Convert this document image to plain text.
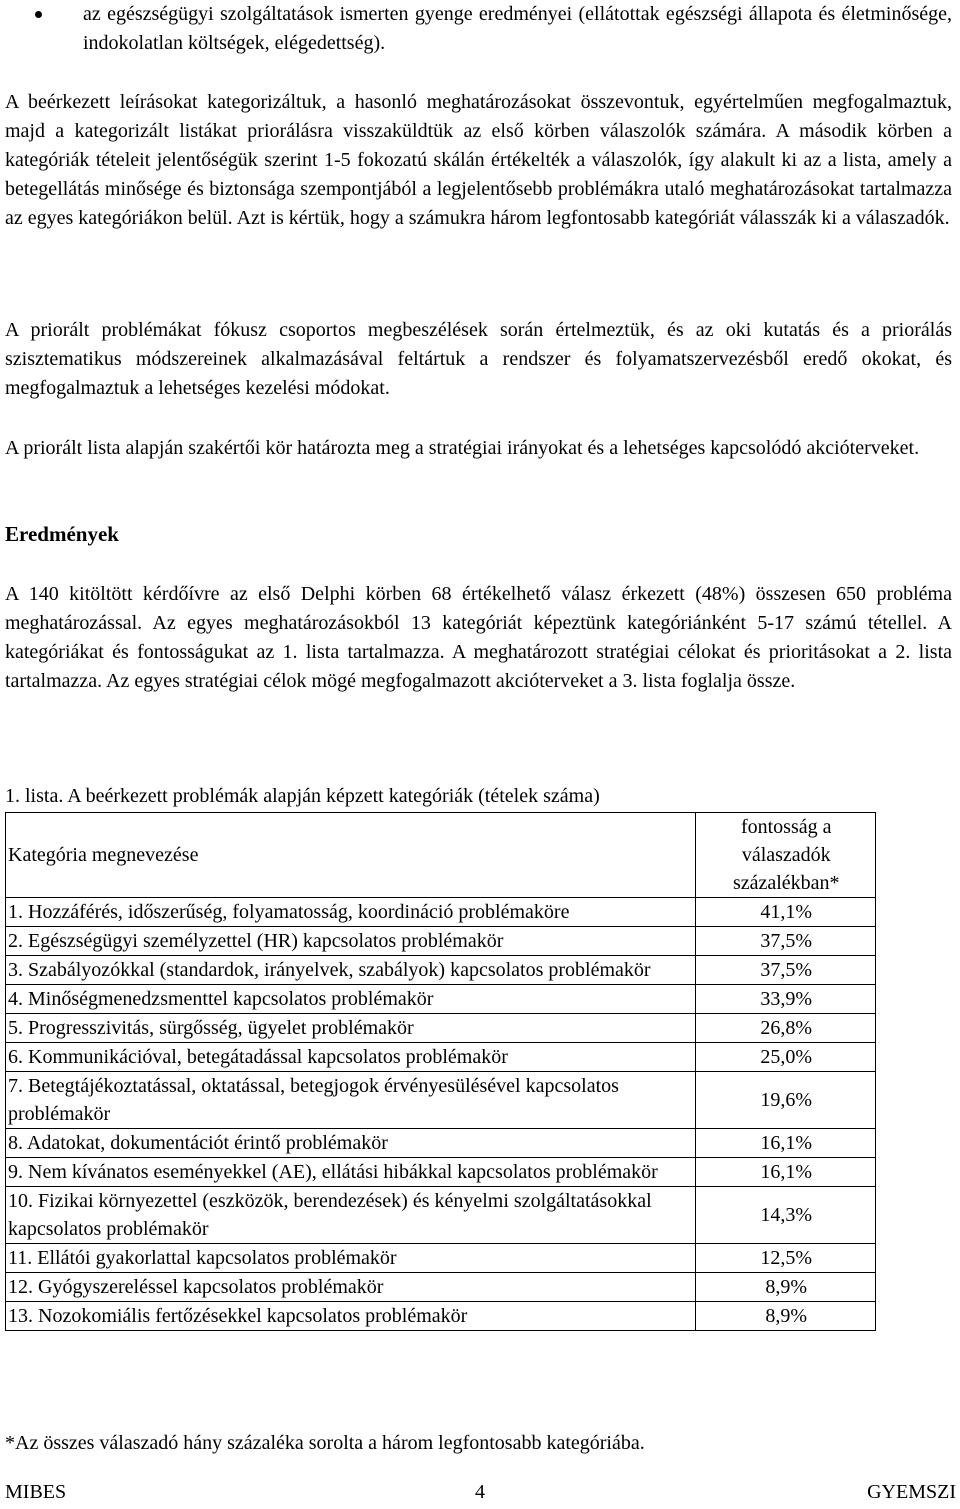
az egészségügyi szolgáltatások ismerten gyenge eredményei (ellátottak egészségi állapota és életminősége, indokolatlan költségek, elégedettség).

A beérkezett leírásokat kategorizáltuk, a hasonló meghatározásokat összevontuk, egyértelműen megfogalmaztuk, majd a kategorizált listákat priorálásra visszaküldtük az első körben válaszolók számára. A második körben a kategóriák tételeit jelentőségük szerint 1-5 fokozatú skálán értékelték a válaszolók, így alakult ki az a lista, amely a betegellátás minősége és biztonsága szempontjából a legjelentősebb problémákra utaló meghatározásokat tartalmazza az egyes kategóriákon belül. Azt is kértük, hogy a számukra három legfontosabb kategóriát válasszák ki a válaszadók.

A priorált problémákat fókusz csoportos megbeszélések során értelmeztük, és az oki kutatás és a priorálás szisztematikus módszereinek alkalmazásával feltártuk a rendszer és folyamatszervezésből eredő okokat, és megfogalmaztuk a lehetséges kezelési módokat.

A priorált lista alapján szakértői kör határozta meg a stratégiai irányokat és a lehetséges kapcsolódó akcióterveket.

Eredmények

A 140 kitöltött kérdőívre az első Delphi körben 68 értékelhető válasz érkezett (48%) összesen 650 probléma meghatározással. Az egyes meghatározásokból 13 kategóriát képeztünk kategóriánként 5-17 számú tétellel. A kategóriákat és fontosságukat az 1. lista tartalmazza. A meghatározott stratégiai célokat és prioritásokat a 2. lista tartalmazza. Az egyes stratégiai célok mögé megfogalmazott akcióterveket a 3. lista foglalja össze.

1. lista. A beérkezett problémák alapján képzett kategóriák (tételek száma)
Kategória megnevezése	fontosság a válaszadók
százalékban*

1. Hozzáférés, időszerűség, folyamatosság, koordináció problémaköre	41,1%
2. Egészségügyi személyzettel (HR) kapcsolatos problémakör	37,5%
3. Szabályozókkal (standardok, irányelvek, szabályok) kapcsolatos problémakör	37,5%
4. Minőségmenedzsmenttel kapcsolatos problémakör	33,9%
5. Progresszivitás, sürgősség, ügyelet problémakör	26,8%
6. Kommunikációval, betegátadással kapcsolatos problémakör	25,0%
7. Betegtájékoztatással, oktatással, betegjogok érvényesülésével kapcsolatos problémakör	19,6%
8. Adatokat, dokumentációt érintő problémakör	16,1%
9. Nem kívánatos eseményekkel (AE), ellátási hibákkal kapcsolatos problémakör	16,1%
10. Fizikai környezettel (eszközök, berendezések) és kényelmi szolgáltatásokkal kapcsolatos problémakör	14,3%
11. Ellátói gyakorlattal kapcsolatos problémakör	12,5%
12. Gyógyszereléssel kapcsolatos problémakör	8,9%
13. Nozokomiális fertőzésekkel kapcsolatos problémakör	8,9%
*Az összes válaszadó hány százaléka sorolta a három legfontosabb kategóriába.
MIBES	4	GYEMSZI
